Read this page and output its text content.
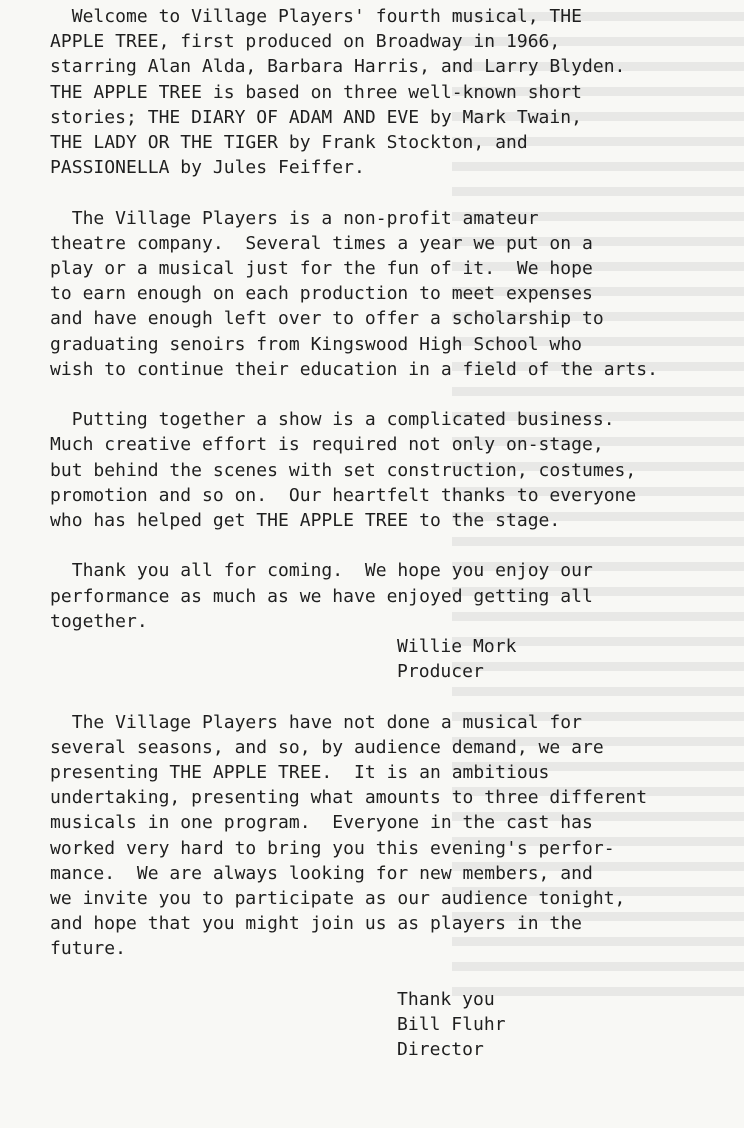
Welcome to Village Players' fourth musical, THE

APPLE TREE, first produced on Broadway in 1966,

starring Alan Alda, Barbara Harris, and Larry Blyden.

THE APPLE TREE is based on three well-known short

stories; THE DIARY OF ADAM AND EVE by Mark Twain,

THE LADY OR THE TIGER by Frank Stockton, and

PASSIONELLA by Jules Feiffer.

The Village Players is a non-profit amateur

theatre company.  Several times a year we put on a

play or a musical just for the fun of it.  We hope

to earn enough on each production to meet expenses

and have enough left over to offer a scholarship to

graduating senoirs from Kingswood High School who

wish to continue their education in a field of the arts.

Putting together a show is a complicated business.

Much creative effort is required not only on-stage,

but behind the scenes with set construction, costumes,

promotion and so on.  Our heartfelt thanks to everyone

who has helped get THE APPLE TREE to the stage.

Thank you all for coming.  We hope you enjoy our

performance as much as we have enjoyed getting all

together.

Willie Mork

Producer

The Village Players have not done a musical for

several seasons, and so, by audience demand, we are

presenting THE APPLE TREE.  It is an ambitious

undertaking, presenting what amounts to three different

musicals in one program.  Everyone in the cast has

worked very hard to bring you this evening's perfor-

mance.  We are always looking for new members, and

we invite you to participate as our audience tonight,

and hope that you might join us as players in the

future.

Thank you

Bill Fluhr

Director
